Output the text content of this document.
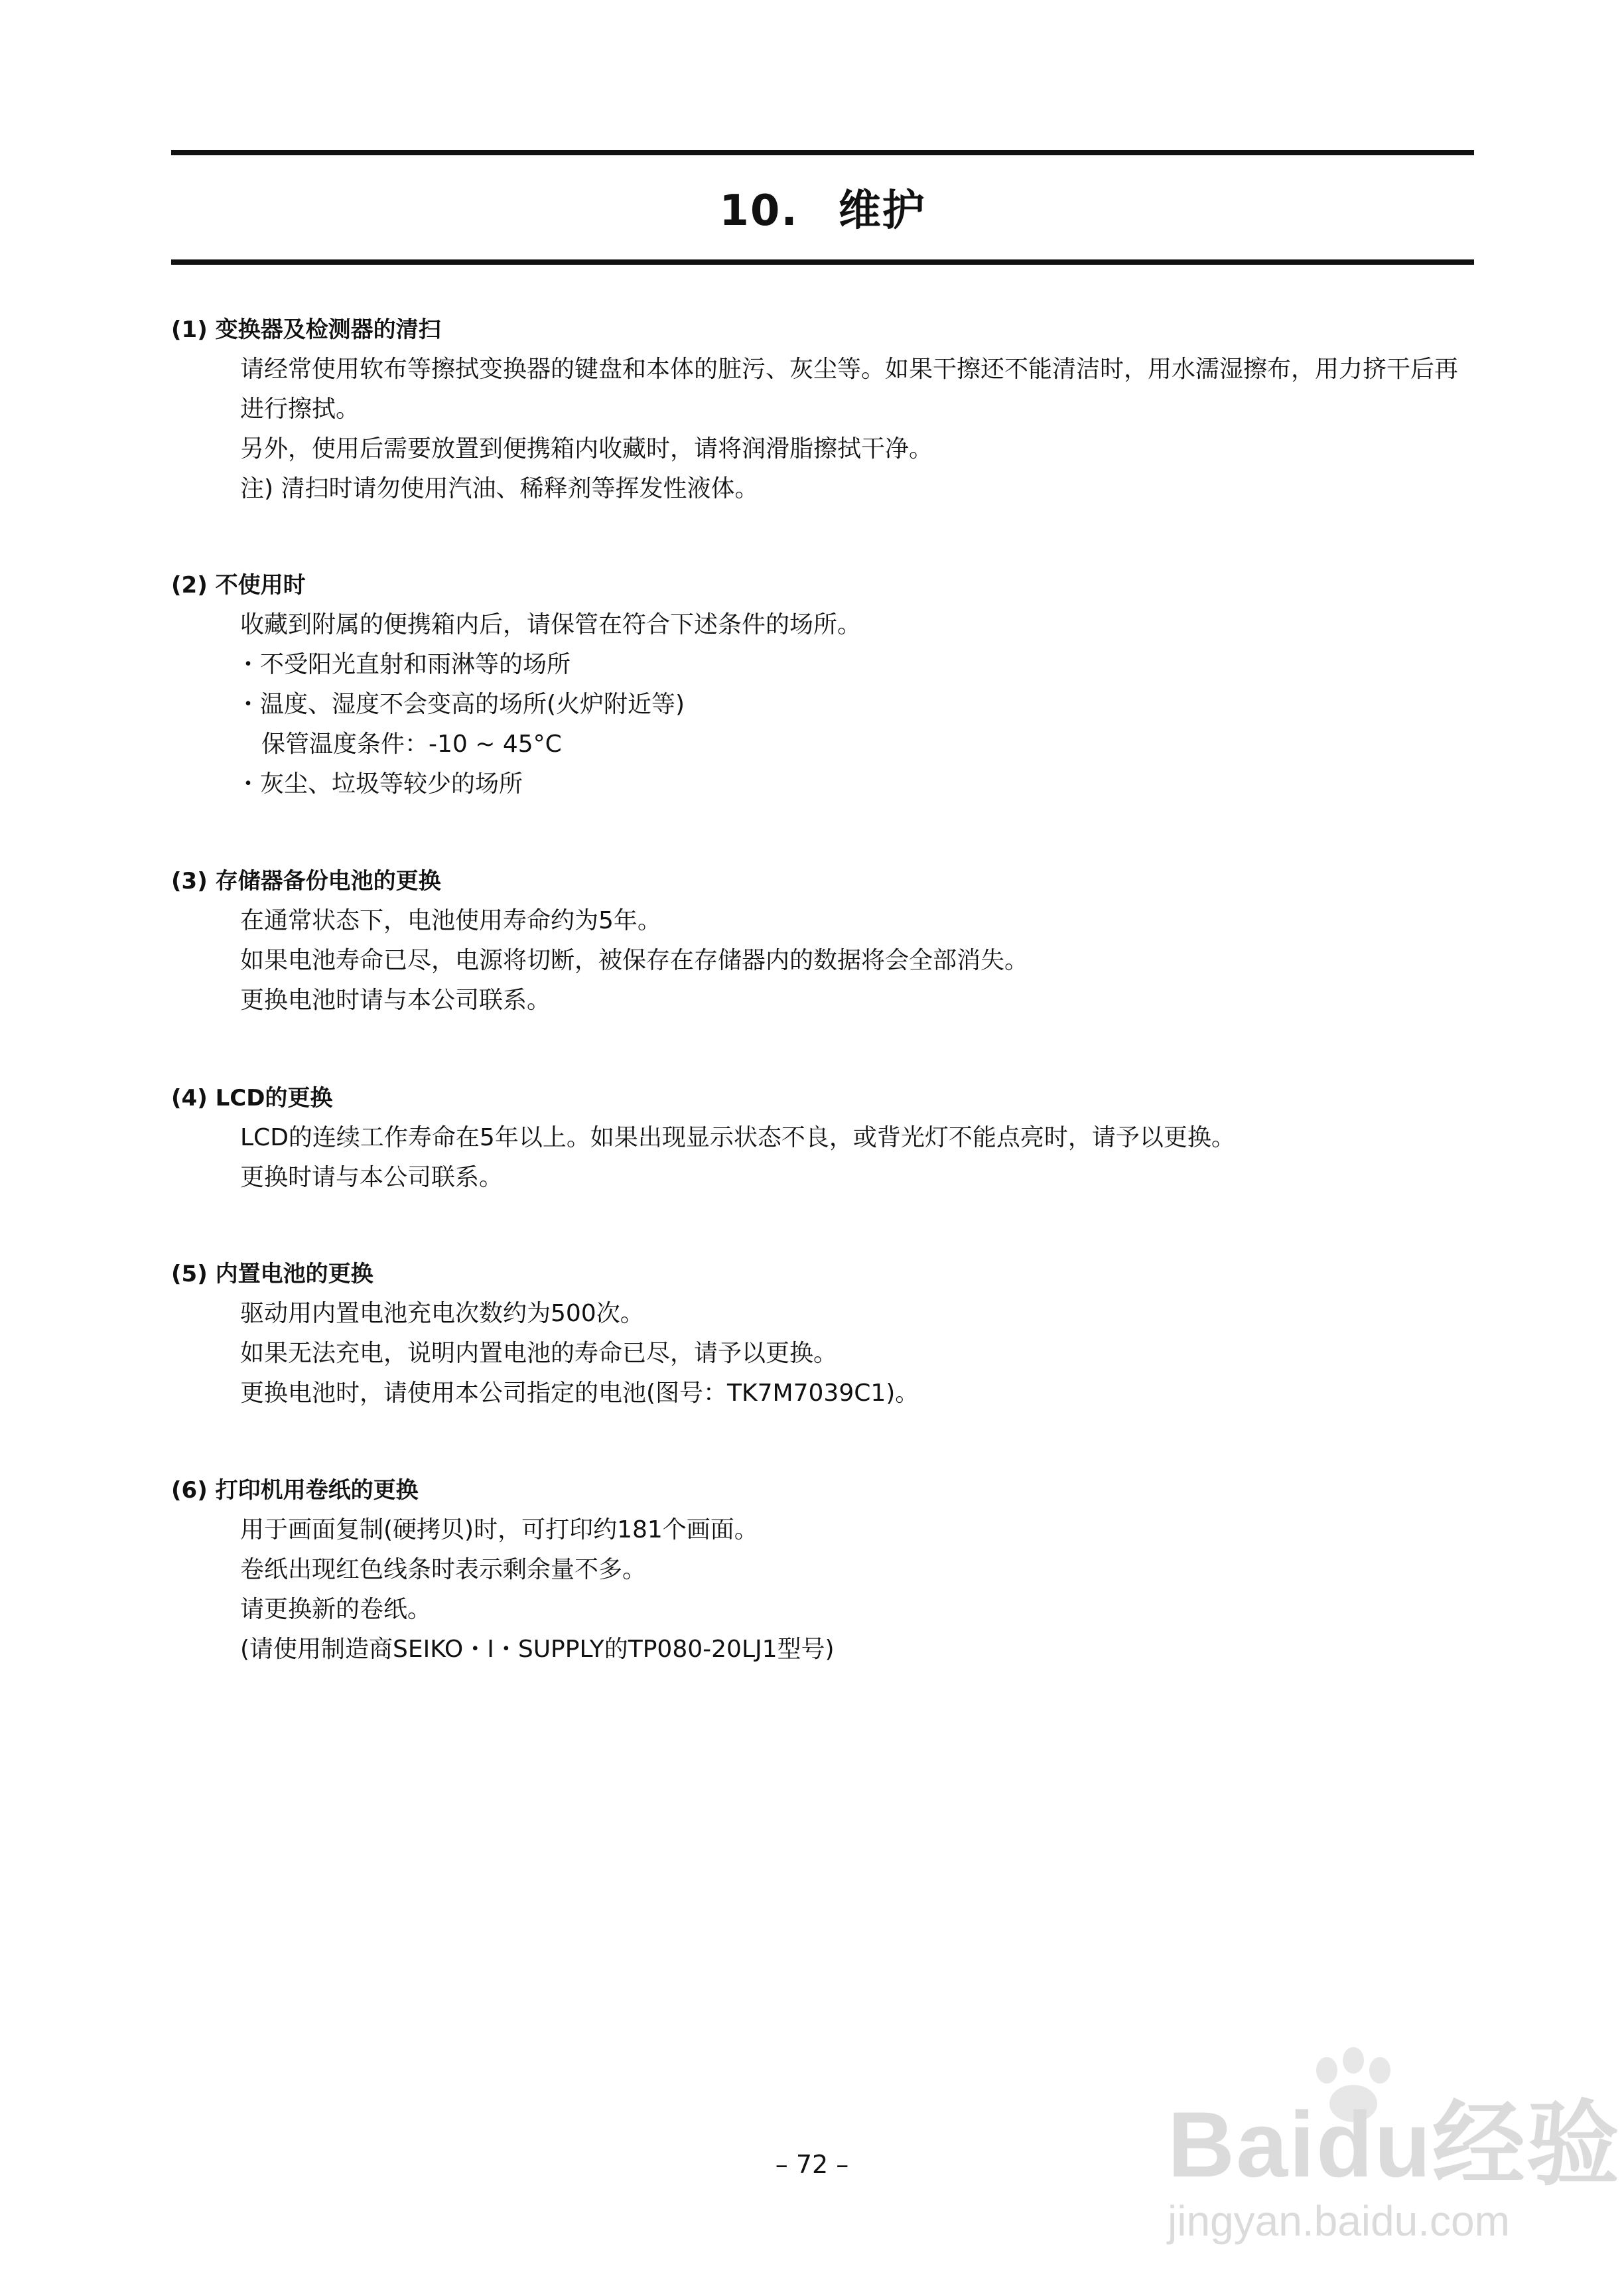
10. 维护
(1) 变换器及检测器的清扫
请经常使用软布等擦拭变换器的键盘和本体的脏污、灰尘等。如果干擦还不能清洁时，用水濡湿擦布，用力挤干后再进行擦拭。
另外，使用后需要放置到便携箱内收藏时，请将润滑脂擦拭干净。
注) 清扫时请勿使用汽油、稀释剂等挥发性液体。
(2) 不使用时
收藏到附属的便携箱内后，请保管在符合下述条件的场所。
・不受阳光直射和雨淋等的场所
・温度、湿度不会变高的场所(火炉附近等)
保管温度条件：-10 ~ 45°C
・灰尘、垃圾等较少的场所
(3) 存储器备份电池的更换
在通常状态下，电池使用寿命约为5年。
如果电池寿命已尽，电源将切断，被保存在存储器内的数据将会全部消失。
更换电池时请与本公司联系。
(4) LCD的更换
LCD的连续工作寿命在5年以上。如果出现显示状态不良，或背光灯不能点亮时，请予以更换。
更换时请与本公司联系。
(5) 内置电池的更换
驱动用内置电池充电次数约为500次。
如果无法充电，说明内置电池的寿命已尽，请予以更换。
更换电池时，请使用本公司指定的电池(图号：TK7M7039C1)。
(6) 打印机用卷纸的更换
用于画面复制(硬拷贝)时，可打印约181个画面。
卷纸出现红色线条时表示剩余量不多。
请更换新的卷纸。
(请使用制造商SEIKO・I・SUPPLY的TP080-20LJ1型号)
– 72 –	Baidu经验
jingyan.baidu.com
